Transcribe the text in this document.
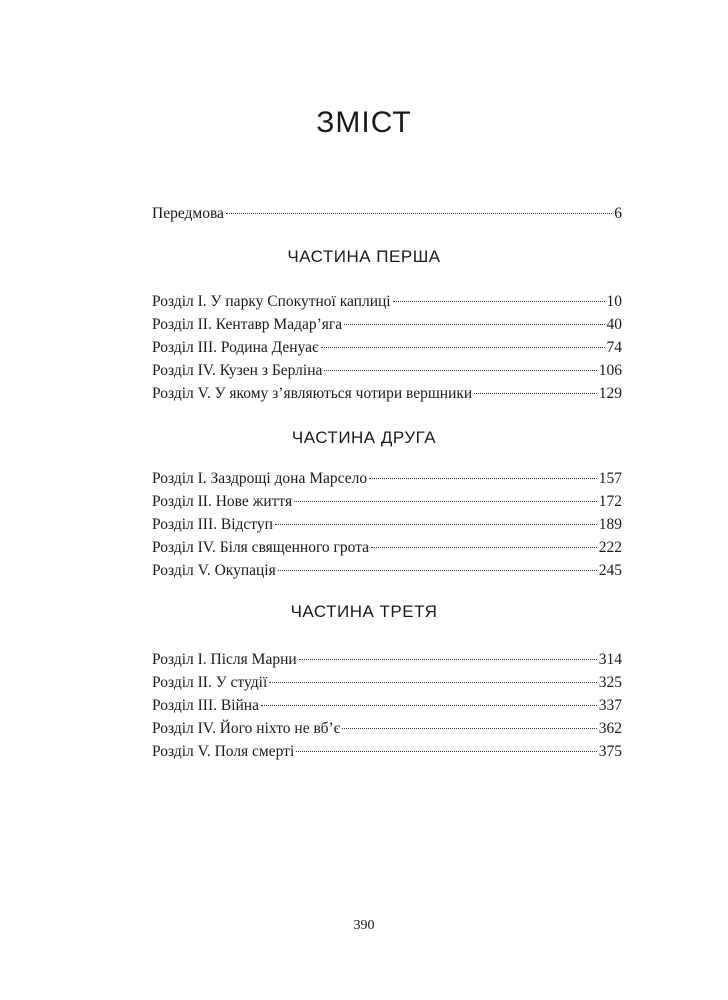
ЗМІСТ
Передмова	6
ЧАСТИНА ПЕРША
Розділ I. У парку Спокутної каплиці	10
Розділ II. Кентавр Мадар’яга	40
Розділ III. Родина Денуає	74
Розділ IV. Кузен з Берліна	106
Розділ V. У якому з’являються чотири вершники	129
ЧАСТИНА ДРУГА
Розділ I. Заздрощі дона Марсело	157
Розділ II. Нове життя	172
Розділ III. Відступ	189
Розділ IV. Біля священного грота	222
Розділ V. Окупація	245
ЧАСТИНА ТРЕТЯ
Розділ I. Після Марни	314
Розділ II. У студії	325
Розділ III. Війна	337
Розділ IV. Його ніхто не вб’є	362
Розділ V. Поля смерті	375
390
